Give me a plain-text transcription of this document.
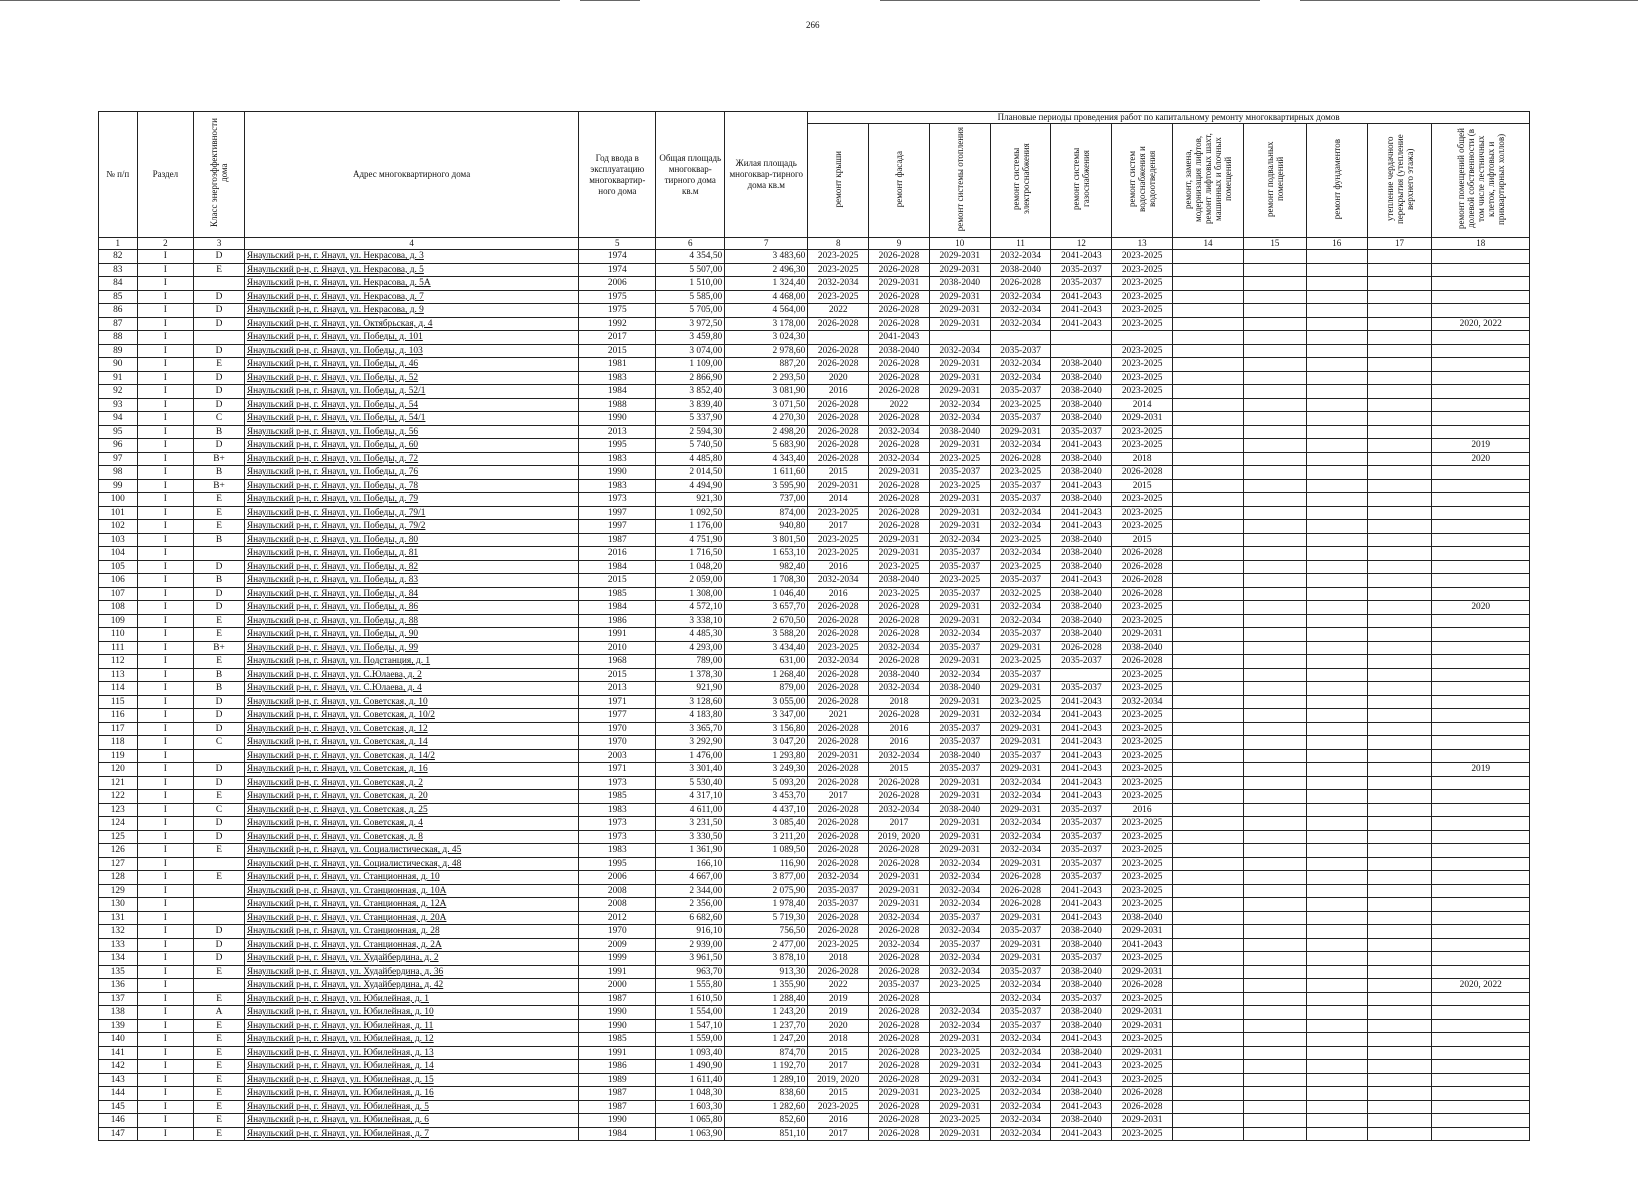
266
№ п/п	Раздел	Класс энергоэффективности дома	Адрес многоквартирного дома	Год ввода в эксплуатацию многоквартир-ного дома	Общая площадь многоквар-тирного дома кв.м	Жилая площадь многоквар-тирного дома кв.м	Плановые периоды проведения работ по капитальному ремонту многоквартирных домов										
							ремонт крыши	ремонт фасада	ремонт системы отопления	ремонт системы электроснабжения	ремонт системы газоснабжения	ремонт систем водоснабжения и водоотведения	ремонт, замена, модернизация лифтов, ремонт лифтовых шахт, машинных и блочных помещений	ремонт подвальных помещений	ремонт фундаментов	утепление чердачного перекрытия (утепление верхнего этажа)	ремонт помещений общей долевой собственности (в том числе лестничных клеток, лифтовых и приквартирных холлов)
1	2	3	4	5	6	7	8	9	10	11	12	13	14	15	16	17	18
82	I	D	Янаульский р-н, г. Янаул, ул. Некрасова, д. 3	1974	4 354,50	3 483,60	2023-2025	2026-2028	2029-2031	2032-2034	2041-2043	2023-2025					
83	I	E	Янаульский р-н, г. Янаул, ул. Некрасова, д. 5	1974	5 507,00	2 496,30	2023-2025	2026-2028	2029-2031	2038-2040	2035-2037	2023-2025					
84	I		Янаульский р-н, г. Янаул, ул. Некрасова, д. 5А	2006	1 510,00	1 324,40	2032-2034	2029-2031	2038-2040	2026-2028	2035-2037	2023-2025					
85	I	D	Янаульский р-н, г. Янаул, ул. Некрасова, д. 7	1975	5 585,00	4 468,00	2023-2025	2026-2028	2029-2031	2032-2034	2041-2043	2023-2025					
86	I	D	Янаульский р-н, г. Янаул, ул. Некрасова, д. 9	1975	5 705,00	4 564,00	2022	2026-2028	2029-2031	2032-2034	2041-2043	2023-2025					
87	I	D	Янаульский р-н, г. Янаул, ул. Октябрьская, д. 4	1992	3 972,50	3 178,00	2026-2028	2026-2028	2029-2031	2032-2034	2041-2043	2023-2025					2020, 2022
88	I		Янаульский р-н, г. Янаул, ул. Победы, д. 101	2017	3 459,80	3 024,30		2041-2043									
89	I	D	Янаульский р-н, г. Янаул, ул. Победы, д. 103	2015	3 074,00	2 978,60	2026-2028	2038-2040	2032-2034	2035-2037		2023-2025					
90	I	E	Янаульский р-н, г. Янаул, ул. Победы, д. 46	1981	1 109,00	887,20	2026-2028	2026-2028	2029-2031	2032-2034	2038-2040	2023-2025					
91	I	D	Янаульский р-н, г. Янаул, ул. Победы, д. 52	1983	2 866,90	2 293,50	2020	2026-2028	2029-2031	2032-2034	2038-2040	2023-2025					
92	I	D	Янаульский р-н, г. Янаул, ул. Победы, д. 52/1	1984	3 852,40	3 081,90	2016	2026-2028	2029-2031	2035-2037	2038-2040	2023-2025					
93	I	D	Янаульский р-н, г. Янаул, ул. Победы, д. 54	1988	3 839,40	3 071,50	2026-2028	2022	2032-2034	2023-2025	2038-2040	2014					
94	I	C	Янаульский р-н, г. Янаул, ул. Победы, д. 54/1	1990	5 337,90	4 270,30	2026-2028	2026-2028	2032-2034	2035-2037	2038-2040	2029-2031					
95	I	B	Янаульский р-н, г. Янаул, ул. Победы, д. 56	2013	2 594,30	2 498,20	2026-2028	2032-2034	2038-2040	2029-2031	2035-2037	2023-2025					
96	I	D	Янаульский р-н, г. Янаул, ул. Победы, д. 60	1995	5 740,50	5 683,90	2026-2028	2026-2028	2029-2031	2032-2034	2041-2043	2023-2025					2019
97	I	B+	Янаульский р-н, г. Янаул, ул. Победы, д. 72	1983	4 485,80	4 343,40	2026-2028	2032-2034	2023-2025	2026-2028	2038-2040	2018					2020
98	I	B	Янаульский р-н, г. Янаул, ул. Победы, д. 76	1990	2 014,50	1 611,60	2015	2029-2031	2035-2037	2023-2025	2038-2040	2026-2028					
99	I	B+	Янаульский р-н, г. Янаул, ул. Победы, д. 78	1983	4 494,90	3 595,90	2029-2031	2026-2028	2023-2025	2035-2037	2041-2043	2015					
100	I	E	Янаульский р-н, г. Янаул, ул. Победы, д. 79	1973	921,30	737,00	2014	2026-2028	2029-2031	2035-2037	2038-2040	2023-2025					
101	I	E	Янаульский р-н, г. Янаул, ул. Победы, д. 79/1	1997	1 092,50	874,00	2023-2025	2026-2028	2029-2031	2032-2034	2041-2043	2023-2025					
102	I	E	Янаульский р-н, г. Янаул, ул. Победы, д. 79/2	1997	1 176,00	940,80	2017	2026-2028	2029-2031	2032-2034	2041-2043	2023-2025					
103	I	B	Янаульский р-н, г. Янаул, ул. Победы, д. 80	1987	4 751,90	3 801,50	2023-2025	2029-2031	2032-2034	2023-2025	2038-2040	2015					
104	I		Янаульский р-н, г. Янаул, ул. Победы, д. 81	2016	1 716,50	1 653,10	2023-2025	2029-2031	2035-2037	2032-2034	2038-2040	2026-2028					
105	I	D	Янаульский р-н, г. Янаул, ул. Победы, д. 82	1984	1 048,20	982,40	2016	2023-2025	2035-2037	2023-2025	2038-2040	2026-2028					
106	I	B	Янаульский р-н, г. Янаул, ул. Победы, д. 83	2015	2 059,00	1 708,30	2032-2034	2038-2040	2023-2025	2035-2037	2041-2043	2026-2028					
107	I	D	Янаульский р-н, г. Янаул, ул. Победы, д. 84	1985	1 308,00	1 046,40	2016	2023-2025	2035-2037	2032-2025	2038-2040	2026-2028					
108	I	D	Янаульский р-н, г. Янаул, ул. Победы, д. 86	1984	4 572,10	3 657,70	2026-2028	2026-2028	2029-2031	2032-2034	2038-2040	2023-2025					2020
109	I	E	Янаульский р-н, г. Янаул, ул. Победы, д. 88	1986	3 338,10	2 670,50	2026-2028	2026-2028	2029-2031	2032-2034	2038-2040	2023-2025					
110	I	E	Янаульский р-н, г. Янаул, ул. Победы, д. 90	1991	4 485,30	3 588,20	2026-2028	2026-2028	2032-2034	2035-2037	2038-2040	2029-2031					
111	I	B+	Янаульский р-н, г. Янаул, ул. Победы, д. 99	2010	4 293,00	3 434,40	2023-2025	2032-2034	2035-2037	2029-2031	2026-2028	2038-2040					
112	I	E	Янаульский р-н, г. Янаул, ул. Подстанция, д. 1	1968	789,00	631,00	2032-2034	2026-2028	2029-2031	2023-2025	2035-2037	2026-2028					
113	I	B	Янаульский р-н, г. Янаул, ул. С.Юлаева, д. 2	2015	1 378,30	1 268,40	2026-2028	2038-2040	2032-2034	2035-2037		2023-2025					
114	I	B	Янаульский р-н, г. Янаул, ул. С.Юлаева, д. 4	2013	921,90	879,00	2026-2028	2032-2034	2038-2040	2029-2031	2035-2037	2023-2025					
115	I	D	Янаульский р-н, г. Янаул, ул. Советская, д. 10	1971	3 128,60	3 055,00	2026-2028	2018	2029-2031	2023-2025	2041-2043	2032-2034					
116	I	D	Янаульский р-н, г. Янаул, ул. Советская, д. 10/2	1977	4 183,80	3 347,00	2021	2026-2028	2029-2031	2032-2034	2041-2043	2023-2025					
117	I	D	Янаульский р-н, г. Янаул, ул. Советская, д. 12	1970	3 365,70	3 156,80	2026-2028	2016	2035-2037	2029-2031	2041-2043	2023-2025					
118	I	C	Янаульский р-н, г. Янаул, ул. Советская, д. 14	1970	3 292,90	3 047,20	2026-2028	2016	2035-2037	2029-2031	2041-2043	2023-2025					
119	I		Янаульский р-н, г. Янаул, ул. Советская, д. 14/2	2003	1 476,00	1 293,80	2029-2031	2032-2034	2038-2040	2035-2037	2041-2043	2023-2025					
120	I	D	Янаульский р-н, г. Янаул, ул. Советская, д. 16	1971	3 301,40	3 249,30	2026-2028	2015	2035-2037	2029-2031	2041-2043	2023-2025					2019
121	I	D	Янаульский р-н, г. Янаул, ул. Советская, д. 2	1973	5 530,40	5 093,20	2026-2028	2026-2028	2029-2031	2032-2034	2041-2043	2023-2025					
122	I	E	Янаульский р-н, г. Янаул, ул. Советская, д. 20	1985	4 317,10	3 453,70	2017	2026-2028	2029-2031	2032-2034	2041-2043	2023-2025					
123	I	C	Янаульский р-н, г. Янаул, ул. Советская, д. 25	1983	4 611,00	4 437,10	2026-2028	2032-2034	2038-2040	2029-2031	2035-2037	2016					
124	I	D	Янаульский р-н, г. Янаул, ул. Советская, д. 4	1973	3 231,50	3 085,40	2026-2028	2017	2029-2031	2032-2034	2035-2037	2023-2025					
125	I	D	Янаульский р-н, г. Янаул, ул. Советская, д. 8	1973	3 330,50	3 211,20	2026-2028	2019, 2020	2029-2031	2032-2034	2035-2037	2023-2025					
126	I	E	Янаульский р-н, г. Янаул, ул. Социалистическая, д. 45	1983	1 361,90	1 089,50	2026-2028	2026-2028	2029-2031	2032-2034	2035-2037	2023-2025					
127	I		Янаульский р-н, г. Янаул, ул. Социалистическая, д. 48	1995	166,10	116,90	2026-2028	2026-2028	2032-2034	2029-2031	2035-2037	2023-2025					
128	I	E	Янаульский р-н, г. Янаул, ул. Станционная, д. 10	2006	4 667,00	3 877,00	2032-2034	2029-2031	2032-2034	2026-2028	2035-2037	2023-2025					
129	I		Янаульский р-н, г. Янаул, ул. Станционная, д. 10А	2008	2 344,00	2 075,90	2035-2037	2029-2031	2032-2034	2026-2028	2041-2043	2023-2025					
130	I		Янаульский р-н, г. Янаул, ул. Станционная, д. 12А	2008	2 356,00	1 978,40	2035-2037	2029-2031	2032-2034	2026-2028	2041-2043	2023-2025					
131	I		Янаульский р-н, г. Янаул, ул. Станционная, д. 20А	2012	6 682,60	5 719,30	2026-2028	2032-2034	2035-2037	2029-2031	2041-2043	2038-2040					
132	I	D	Янаульский р-н, г. Янаул, ул. Станционная, д. 28	1970	916,10	756,50	2026-2028	2026-2028	2032-2034	2035-2037	2038-2040	2029-2031					
133	I	D	Янаульский р-н, г. Янаул, ул. Станционная, д. 2А	2009	2 939,00	2 477,00	2023-2025	2032-2034	2035-2037	2029-2031	2038-2040	2041-2043					
134	I	D	Янаульский р-н, г. Янаул, ул. Худайбердина, д. 2	1999	3 961,50	3 878,10	2018	2026-2028	2032-2034	2029-2031	2035-2037	2023-2025					
135	I	E	Янаульский р-н, г. Янаул, ул. Худайбердина, д. 36	1991	963,70	913,30	2026-2028	2026-2028	2032-2034	2035-2037	2038-2040	2029-2031					
136	I		Янаульский р-н, г. Янаул, ул. Худайбердина, д. 42	2000	1 555,80	1 355,90	2022	2035-2037	2023-2025	2032-2034	2038-2040	2026-2028					2020, 2022
137	I	E	Янаульский р-н, г. Янаул, ул. Юбилейная, д. 1	1987	1 610,50	1 288,40	2019	2026-2028		2032-2034	2035-2037	2023-2025					
138	I	A	Янаульский р-н, г. Янаул, ул. Юбилейная, д. 10	1990	1 554,00	1 243,20	2019	2026-2028	2032-2034	2035-2037	2038-2040	2029-2031					
139	I	E	Янаульский р-н, г. Янаул, ул. Юбилейная, д. 11	1990	1 547,10	1 237,70	2020	2026-2028	2032-2034	2035-2037	2038-2040	2029-2031					
140	I	E	Янаульский р-н, г. Янаул, ул. Юбилейная, д. 12	1985	1 559,00	1 247,20	2018	2026-2028	2029-2031	2032-2034	2041-2043	2023-2025					
141	I	E	Янаульский р-н, г. Янаул, ул. Юбилейная, д. 13	1991	1 093,40	874,70	2015	2026-2028	2023-2025	2032-2034	2038-2040	2029-2031					
142	I	E	Янаульский р-н, г. Янаул, ул. Юбилейная, д. 14	1986	1 490,90	1 192,70	2017	2026-2028	2029-2031	2032-2034	2041-2043	2023-2025					
143	I	E	Янаульский р-н, г. Янаул, ул. Юбилейная, д. 15	1989	1 611,40	1 289,10	2019, 2020	2026-2028	2029-2031	2032-2034	2041-2043	2023-2025					
144	I	E	Янаульский р-н, г. Янаул, ул. Юбилейная, д. 16	1987	1 048,30	838,60	2015	2029-2031	2023-2025	2032-2034	2038-2040	2026-2028					
145	I	E	Янаульский р-н, г. Янаул, ул. Юбилейная, д. 5	1987	1 603,30	1 282,60	2023-2025	2026-2028	2029-2031	2032-2034	2041-2043	2026-2028					
146	I	E	Янаульский р-н, г. Янаул, ул. Юбилейная, д. 6	1990	1 065,80	852,60	2016	2026-2028	2023-2025	2032-2034	2038-2040	2029-2031					
147	I	E	Янаульский р-н, г. Янаул, ул. Юбилейная, д. 7	1984	1 063,90	851,10	2017	2026-2028	2029-2031	2032-2034	2041-2043	2023-2025					
